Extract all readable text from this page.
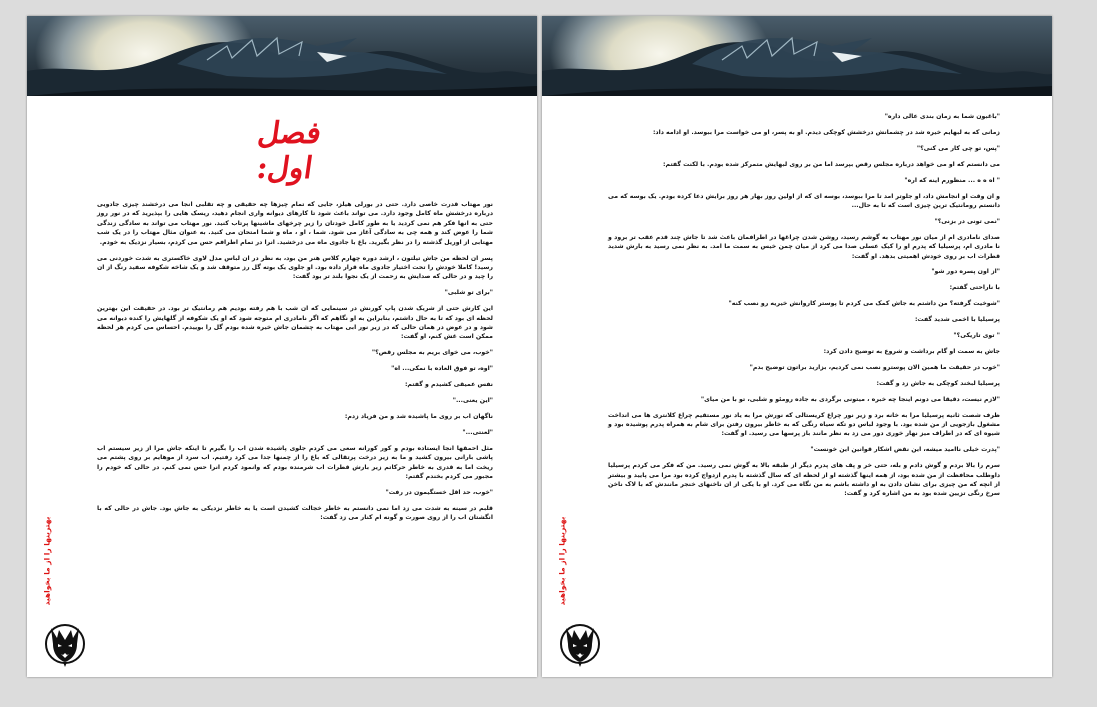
فصل اول:

نور مهتاب قدرت خاصی دارد. حتی در بورلی هیلز، جایی که تمام چیزها چه حقیقی و چه تقلبی انجا می درخشند چیزی جادویی درباره درخشش ماه کامل وجود دارد. می تواند باعث شود تا کارهای دیوانه واری انجام دهید، ریسک هایی را بپذیرید که در نور روز حتی به انها فکر هم نمی کردید یا به طور کامل خودتان را زیر چرخهای ماشینها پرتاب کنید. نور مهتاب می تواند به سادگی زندگی شما را عوض کند و همه چی به سادگی آغاز می شود. شما ، او ، ماه و شما امتحان می کنید. به عنوان مثال مهتاب را در یک شب مهتابی از اوریل گذشته را در نظر بگیرید. باغ با جادوی ماه می درخشید. انرا در تمام اطرافم حس می کردم، بسیار نزدیک به خودم.

پسر ان لحظه من جاش تیلتون ، ارشد دوره چهارم کلاس هنر من بود، به نظر در ان لباس مدل لاوی خاکستری به شدت خوردنی می رسید! کاملا خودش را تحت اختیار جادوی ماه قرار داده بود. او جلوی یک بوته گل رز متوقف شد و یک شاخه شکوفه سفید رنگ از ان را چید و در حالی که صدایش به زحمت از یک نجوا بلند تر بود گفت:

"برای تو شلبی"

این کارش حتی از شریک شدن پاپ کورنش در سینمایی که ان شب با هم رفته بودیم هم رمانتیک تر بود. در حقیقت این بهترین لحظه ای بود که تا به حال داشتم، بنابراین به او نگاهم که اگر نامادری ام متوجه شود که او یک شکوفه از گلهایش را کنده دیوانه می شود و در عوض در همان حالی که در زیر نور ابی مهتاب به چشمان جاش خیره شده بودم گل را بوییدم. احساس می کردم هر لحظه ممکن است غش کنم، او گفت:

"خوب، می خوای بریم به مجلس رقص؟"

"اوه، تو فوق العاده با نمکی... اه"

نفس عمیقی کشیدم و گفتم:

"این یعنی..."

ناگهان اب بر روی ما پاشیده شد و من فریاد زدم:

"لعنتی..."

مثل احمقها انجا ایستاده بودم و کور کورانه سعی می کردم جلوی پاشیده شدن اب را بگیرم تا اینکه جاش مرا از زیر سیستم اب پاشی بارانی بیرون کشید و ما به زیر درخت پرتقالی که باغ را از چمنها جدا می کرد رفتیم. اب سرد از موهایم بر روی پشتم می ریخت اما به قدری به خاطر حرکاتم زیر بارش قطرات اب شرمنده بودم که وانمود کردم انرا حس نمی کنم. در حالی که خودم را مجبور می کردم بخندم گفتم:

"خوب، حد اقل خستگیمون در رفت"

قلبم در سینه به شدت می زد اما نمی دانستم به خاطر خجالت کشیدن است یا به خاطر نزدیکی به جاش بود. جاش در حالی که با انگشتان اب را از روی صورت و گونه ام کنار می زد گفت:

بهترینها را از ما بخواهید

"باغبون شما به زمان بندی عالی داره"

زمانی که به لبهایم خیره شد در چشمانش درخشش کوچکی دیدم. او به پسر، او می خواست مرا ببوسد. او ادامه داد:

"پس، تو چی کار می کنی؟"

می دانستم که او می خواهد درباره مجلس رقص بپرسد اما من بر روی لبهایش متمرکز شده بودم. با لکنت گفتم:

" اه ه ه ... منظورم اینه که اره"

و ان وقت او انجامش داد، او جلوتر امد تا مرا ببوسد، بوسه ای که از اولین روز بهار هر روز برایش دعا کرده بودم. یک بوسه که می دانستم رومانتیک ترین چیزی است که تا به حال...

"نمی تونی در بزنی؟"

صدای نامادری ام از میان نور مهتاب به گوشم رسید، روشن شدن چراغها در اطرافمان باعث شد تا جاش چند قدم عقب تر برود و نا مادری ام، پرسیلیا که پدرم او را کیک عسلی صدا می کرد از میان چمن خیس به سمت ما امد. به نظر نمی رسید به بارش شدید قطرات اب بر روی خودش اهمیتی بدهد. او گفت:

"از اون پسره دور شو"

با ناراحتی گفتم:

"شوخیت گرفته؟ من داشتم به جاش کمک می کردم تا پوستر کاروانش خیریه رو نصب کنه"

پرسیلیا با اخمی شدید گفت:

" توی تاریکی؟"

جاش به سمت او گام برداشت و شروع به توضیح دادن کرد:

"خوب در حقیقت ما همین الان پوسترو نصب نمی کردیم، بزارید براتون توضیح بدم"

پرسیلیا لبخند کوچکی به جاش زد و گفت:

"لازم نیست، دقیقا می دونم اینجا چه خبره ، میتونی برگردی به جاده رومئو و شلبی، تو با من میای"

ظرف شصت ثانیه پرسیلیا مرا به خانه برد و زیر نور چراغ کریستالی که نورش مرا به یاد نور مستقیم چراغ کلانتری ها می انداخت مشغول بازجویی از من شده بود. با وجود لباس دو تکه سیاه رنگی که به خاطر بیرون رفتن برای شام به همراه پدرم پوشیده بود و شیوه ای که در اطراف میز نهار خوری دور می زد به نظر مانند باز پرسها می رسید. او گفت:

"پدرت خیلی ناامید میشه، این نقض اشکار قوانین این خونست"

سرم را بالا بردم و گوش دادم و بله، حتی خر و پف های پدرم دیگر از طبقه بالا به گوش نمی رسید. من که فکر می کردم پرسیلیا داوطلب محافظت از من شده بود، از همه اینها گذشته او از لحظه ای که سال گذشته با پدرم ازدواج کرده بود مرا می پایید و بیشتر از انچه که من چیزی برای نشان دادن به او داشته باشم به من نگاه می کرد. او با یکی از ان ناخنهای خنجر مانندش که با لاک ناخن سرخ رنگی تزیین شده بود به من اشاره کرد و گفت:

بهترینها را از ما بخواهید
